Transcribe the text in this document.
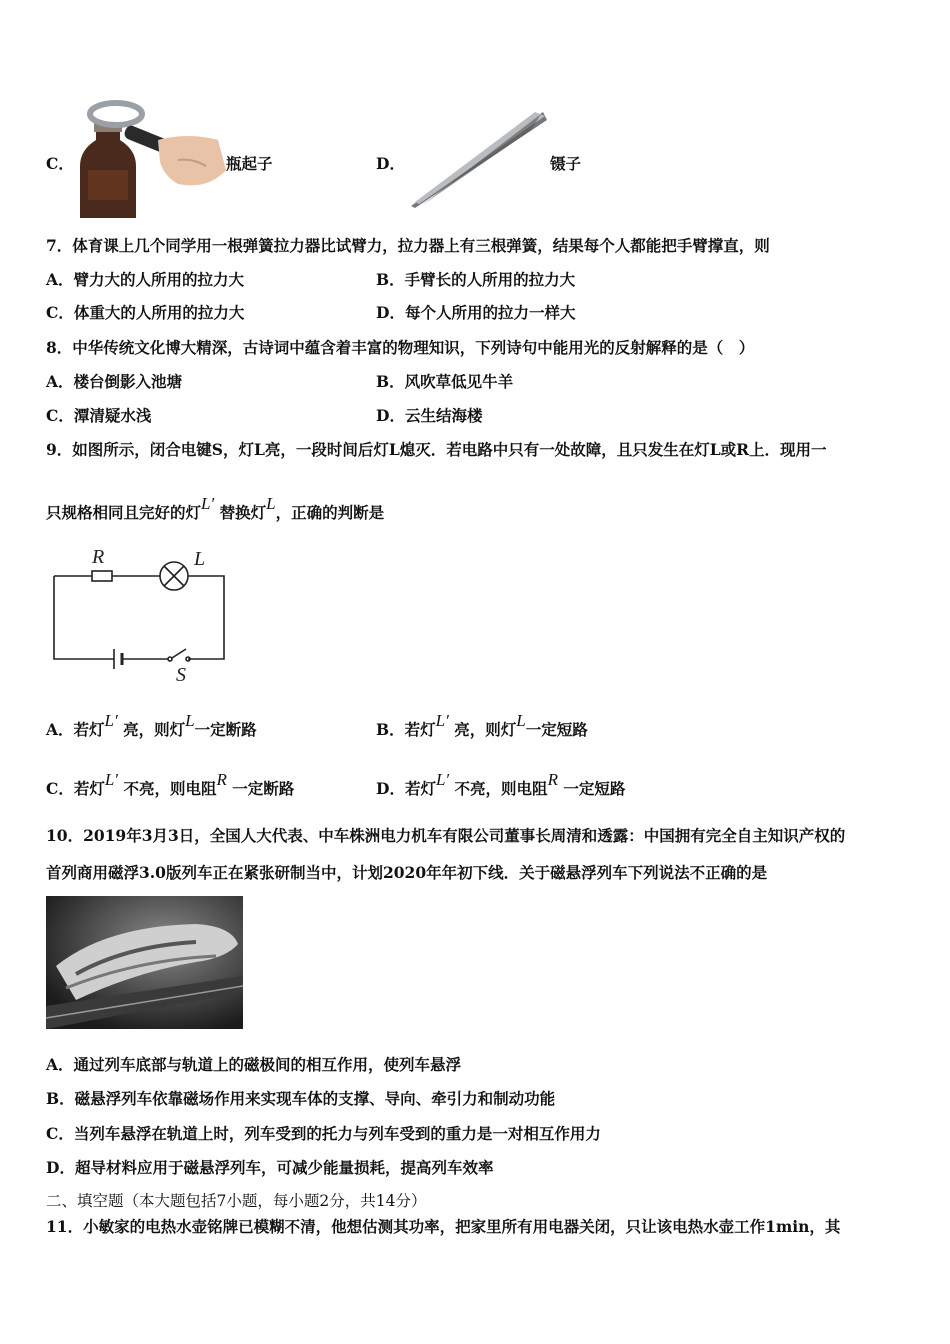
C．	瓶起子	D．	镊子
7．体育课上几个同学用一根弹簧拉力器比试臂力，拉力器上有三根弹簧，结果每个人都能把手臂撑直，则
A．臂力大的人所用的拉力大	B．手臂长的人所用的拉力大
C．体重大的人所用的拉力大	D．每个人所用的拉力一样大
8．中华传统文化博大精深，古诗词中蕴含着丰富的物理知识，下列诗句中能用光的反射解释的是（　）
A．楼台倒影入池塘	B．风吹草低见牛羊
C．潭清疑水浅	D．云生结海楼
9．如图所示，闭合电键S，灯L亮，一段时间后灯L熄灭．若电路中只有一处故障，且只发生在灯L或R上．现用一
只规格相同且完好的灯L′ 替换灯L，正确的判断是
R	L
S
A．若灯L′ 亮，则灯L一定断路	B．若灯L′ 亮，则灯L一定短路
C．若灯L′ 不亮，则电阻R 一定断路	D．若灯L′ 不亮，则电阻R 一定短路
10．2019年3月3日，全国人大代表、中车株洲电力机车有限公司董事长周清和透露：中国拥有完全自主知识产权的
首列商用磁浮3.0版列车正在紧张研制当中，计划2020年年初下线．关于磁悬浮列车下列说法不正确的是
A．通过列车底部与轨道上的磁极间的相互作用，使列车悬浮
B．磁悬浮列车依靠磁场作用来实现车体的支撑、导向、牵引力和制动功能
C．当列车悬浮在轨道上时，列车受到的托力与列车受到的重力是一对相互作用力
D．超导材料应用于磁悬浮列车，可减少能量损耗，提高列车效率
二、填空题（本大题包括7小题，每小题2分，共14分）
11．小敏家的电热水壶铭牌已模糊不清，他想估测其功率，把家里所有用电器关闭，只让该电热水壶工作1min，其
